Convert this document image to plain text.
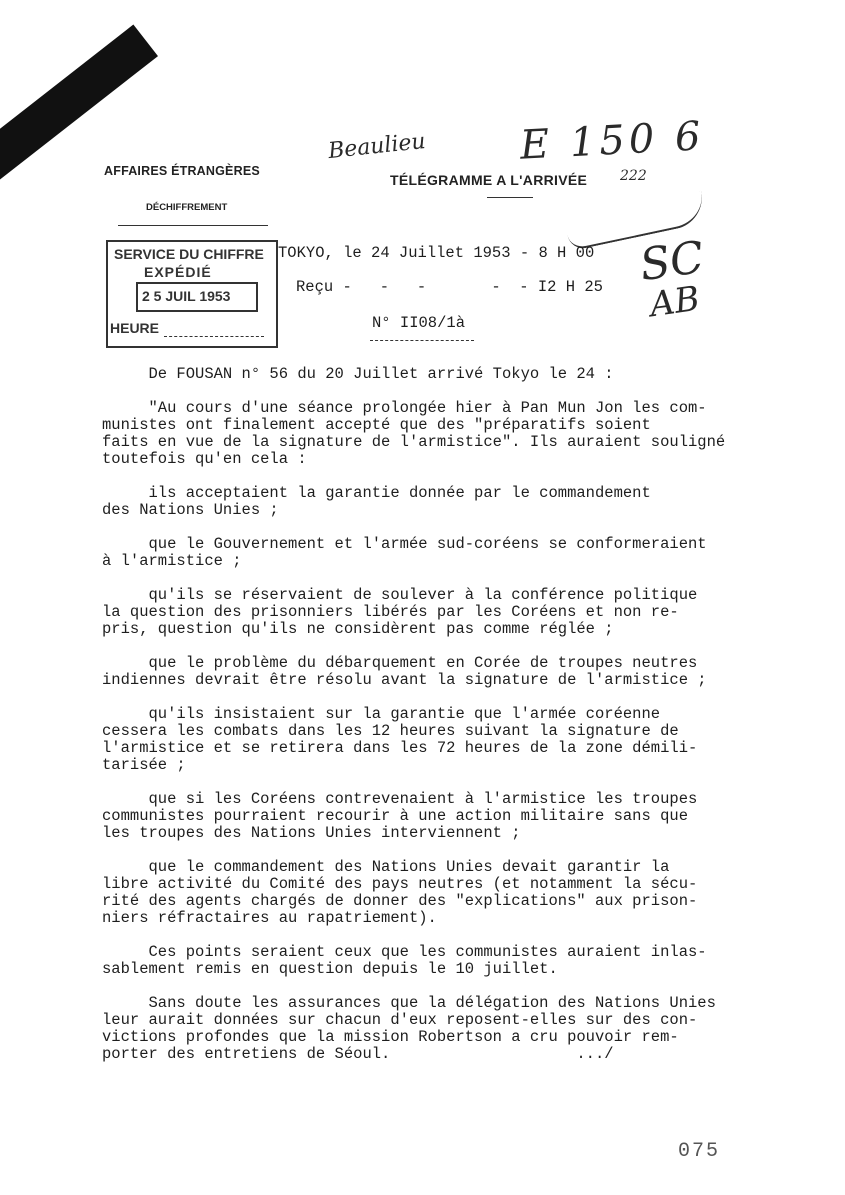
AFFAIRES ÉTRANGÈRES
DÉCHIFFREMENT
TÉLÉGRAMME A L'ARRIVÉE
Beaulieu E 150 6
222
SC
AB
SERVICE DU CHIFFRE
EXPÉDIÉ
2 5 JUIL 1953
HEURE
TOKYO, le 24 Juillet 1953 - 8 H 00
Reçu -   -   -       -  - I2 H 25
N° II08/1à

De FOUSAN n° 56 du 20 Juillet arrivé Tokyo le 24 :

"Au cours d'une séance prolongée hier à Pan Mun Jon les com-
munistes ont finalement accepté que des "préparatifs soient
faits en vue de la signature de l'armistice". Ils auraient souligné
toutefois qu'en cela :

ils acceptaient la garantie donnée par le commandement
des Nations Unies ;

que le Gouvernement et l'armée sud-coréens se conformeraient
à l'armistice ;

qu'ils se réservaient de soulever à la conférence politique
la question des prisonniers libérés par les Coréens et non re-
pris, question qu'ils ne considèrent pas comme réglée ;

que le problème du débarquement en Corée de troupes neutres
indiennes devrait être résolu avant la signature de l'armistice ;

qu'ils insistaient sur la garantie que l'armée coréenne
cessera les combats dans les 12 heures suivant la signature de
l'armistice et se retirera dans les 72 heures de la zone démili-
tarisée ;

que si les Coréens contrevenaient à l'armistice les troupes
communistes pourraient recourir à une action militaire sans que
les troupes des Nations Unies interviennent ;

que le commandement des Nations Unies devait garantir la
libre activité du Comité des pays neutres (et notamment la sécu-
rité des agents chargés de donner des "explications" aux prison-
niers réfractaires au rapatriement).

Ces points seraient ceux que les communistes auraient inlas-
sablement remis en question depuis le 10 juillet.

Sans doute les assurances que la délégation des Nations Unies
leur aurait données sur chacun d'eux reposent-elles sur des con-
victions profondes que la mission Robertson a cru pouvoir rem-
porter des entretiens de Séoul.                    .../

075
